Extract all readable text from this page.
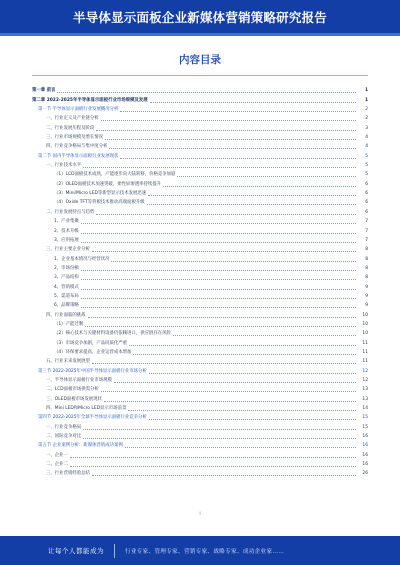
半导体显示面板企业新媒体营销策略研究报告
内容目录
第一章 前言	1
第二章 2022-2025年半导体显示面板行业市场规模及发展	1
第一节 半导体显示面板行业发展概况分析	2
一、行业定义及产业链分析	2
二、行业发展历程及阶段	3
三、行业市场规模及增长情况	4
四、行业竞争格局与集中度分析	4
第二节 国内半导体显示面板行业发展现状	5
一、行业技术水平	5
（1）LCD面板技术成熟，产能逐步向大陆转移，价格竞争加剧	5
（2）OLED面板技术加速突破，柔性屏渗透率持续提升	6
（3）Mini/Micro LED等新型显示技术发展迅速	6
（4）Oxide TFT等背板技术推动高端面板升级	6
二、行业发展特点与趋势	6
1、产业集聚	7
2、技术升级	7
3、应用拓展	7
三、行业主要企业分析	8
1、企业基本情况与经营状况	8
2、市场份额	8
3、产品结构	8
4、营销模式	9
5、渠道布局	9
6、品牌策略	9
四、行业面临的挑战	10
（1）产能过剩	10
（2）核心技术与关键材料设备仍依赖进口，供应链存在风险	10
（3）市场竞争加剧，产品同质化严重	11
（4）环保要求提高，企业运营成本增加	11
五、行业未来发展展望	11
第三节 2022-2025年中国半导体显示面板行业市场分析	12
一、半导体显示面板行业市场规模	12
二、LCD面板市场供需分析	13
三、OLED面板市场发展现状	13
四、Mini LED和Micro LED显示市场前景	14
第四节 2022-2025年全球半导体显示面板行业竞争分析	15
一、行业竞争格局	15
二、国际竞争对比	16
第五节 企业案例分析：新媒体营销成功案例	16
一、企业一	16
二、企业二	16
三、行业营销经验总结	26
I
让每个人都能成为	行业专家、管理专家、营销专家、战略专家、成功企业家……
